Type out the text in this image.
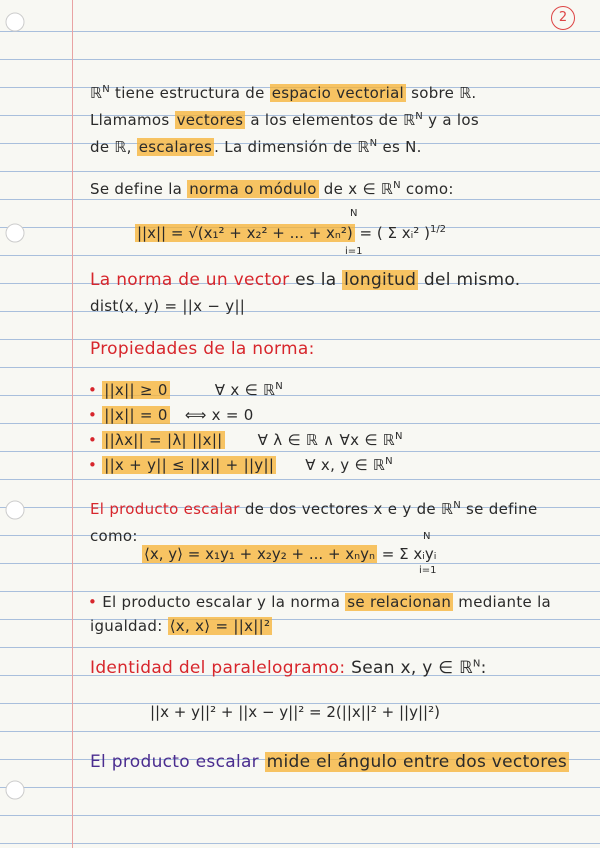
2
ℝ$^N$ tiene estructura de espacio vectorial sobre ℝ.
Llamamos vectores a los elementos de ℝ$^N$ y a los
de ℝ, escalares . La dimensión de ℝ$^N$ es N.
Se define la norma o módulo de x ∈ ℝ$^N$ como:
||x|| = √(x₁² + x₂² + ... + xₙ²) = ( Σ xᵢ² )$^{1/2}$
N
i=1
La norma de un vector es la longitud del mismo.
dist(x, y) = ||x − y||
Propiedades de la norma:
• ||x|| ≥ 0	∀ x ∈ ℝ$^N$
• ||x|| = 0 ⟺ x = 0
• ||λx|| = |λ| ||x|| ∀ λ ∈ ℝ ∧ ∀x ∈ ℝ$^N$
• ||x + y|| ≤ ||x|| + ||y|| ∀ x, y ∈ ℝ$^N$
El producto escalar de dos vectores x e y de ℝ$^N$ se define
como:
⟨x, y⟩ = x₁y₁ + x₂y₂ + ... + xₙyₙ = Σ xᵢyᵢ
N
i=1
• El producto escalar y la norma se relacionan mediante la
igualdad: ⟨x, x⟩ = ||x||²
Identidad del paralelogramo: Sean x, y ∈ ℝ$^N$:
||x + y||² + ||x − y||² = 2(||x||² + ||y||²)
El producto escalar mide el ángulo entre dos vectores
